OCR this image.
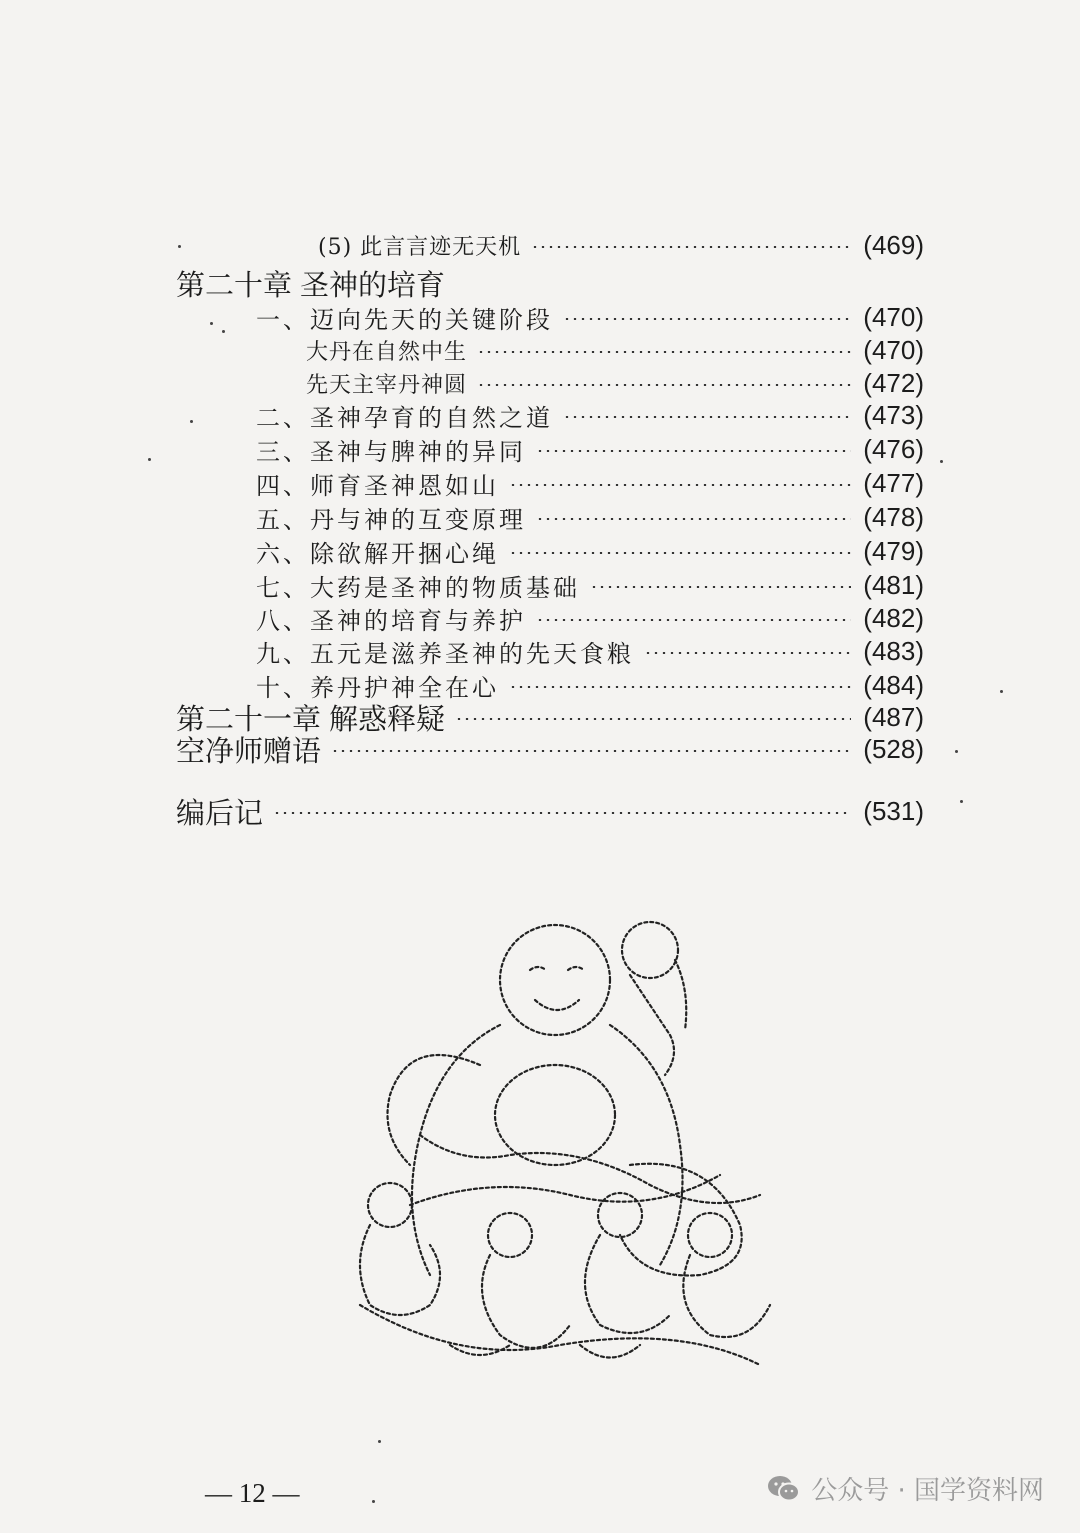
(5) 此言言迹无天机	(469)
第二十章 圣神的培育
一、迈向先天的关键阶段	(470)
大丹在自然中生	(470)
先天主宰丹神圆	(472)
二、圣神孕育的自然之道	(473)
三、圣神与脾神的异同	(476)
四、师育圣神恩如山	(477)
五、丹与神的互变原理	(478)
六、除欲解开捆心绳	(479)
七、大药是圣神的物质基础	(481)
八、圣神的培育与养护	(482)
九、五元是滋养圣神的先天食粮	(483)
十、养丹护神全在心	(484)
第二十一章 解惑释疑	(487)
空净师赠语	(528)
编后记	(531)
— 12 —	公众号 · 国学资料网
